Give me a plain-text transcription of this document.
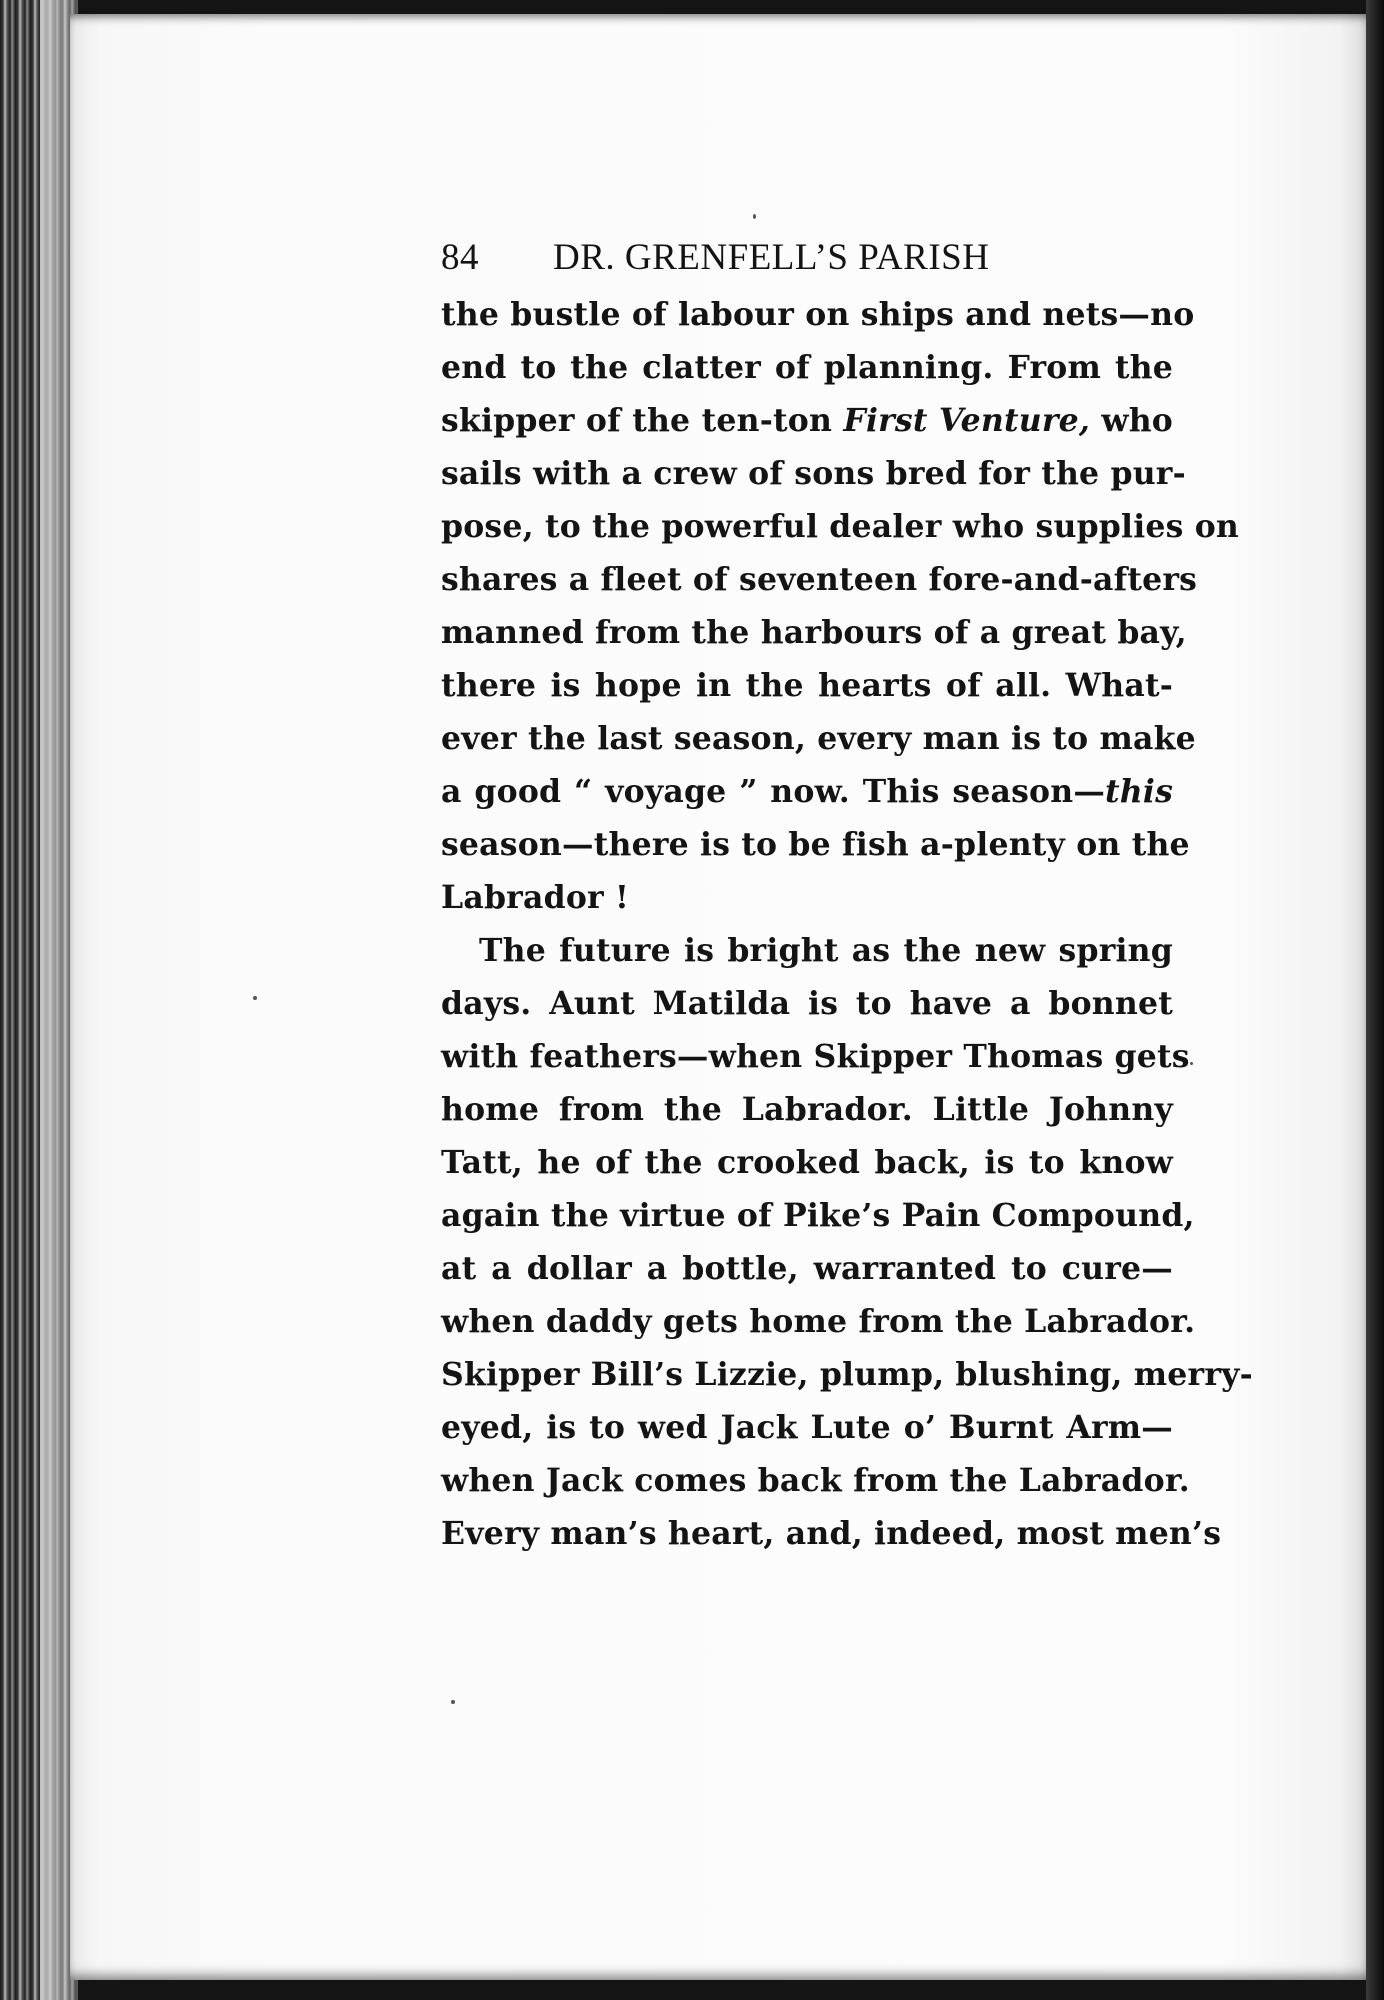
84 DR. GRENFELL’S PARISH
the bustle of labour on ships and nets—no
end to the clatter of planning. From the
skipper of the ten-ton First Venture, who
sails with a crew of sons bred for the pur-
pose, to the powerful dealer who supplies on
shares a fleet of seventeen fore-and-afters
manned from the harbours of a great bay,
there is hope in the hearts of all. What-
ever the last season, every man is to make
a good “ voyage ” now. This season—this
season—there is to be fish a-plenty on the
Labrador !
The future is bright as the new spring
days. Aunt Matilda is to have a bonnet
with feathers—when Skipper Thomas gets
home from the Labrador. Little Johnny
Tatt, he of the crooked back, is to know
again the virtue of Pike’s Pain Compound,
at a dollar a bottle, warranted to cure—
when daddy gets home from the Labrador.
Skipper Bill’s Lizzie, plump, blushing, merry-
eyed, is to wed Jack Lute o’ Burnt Arm—
when Jack comes back from the Labrador.
Every man’s heart, and, indeed, most men’s
